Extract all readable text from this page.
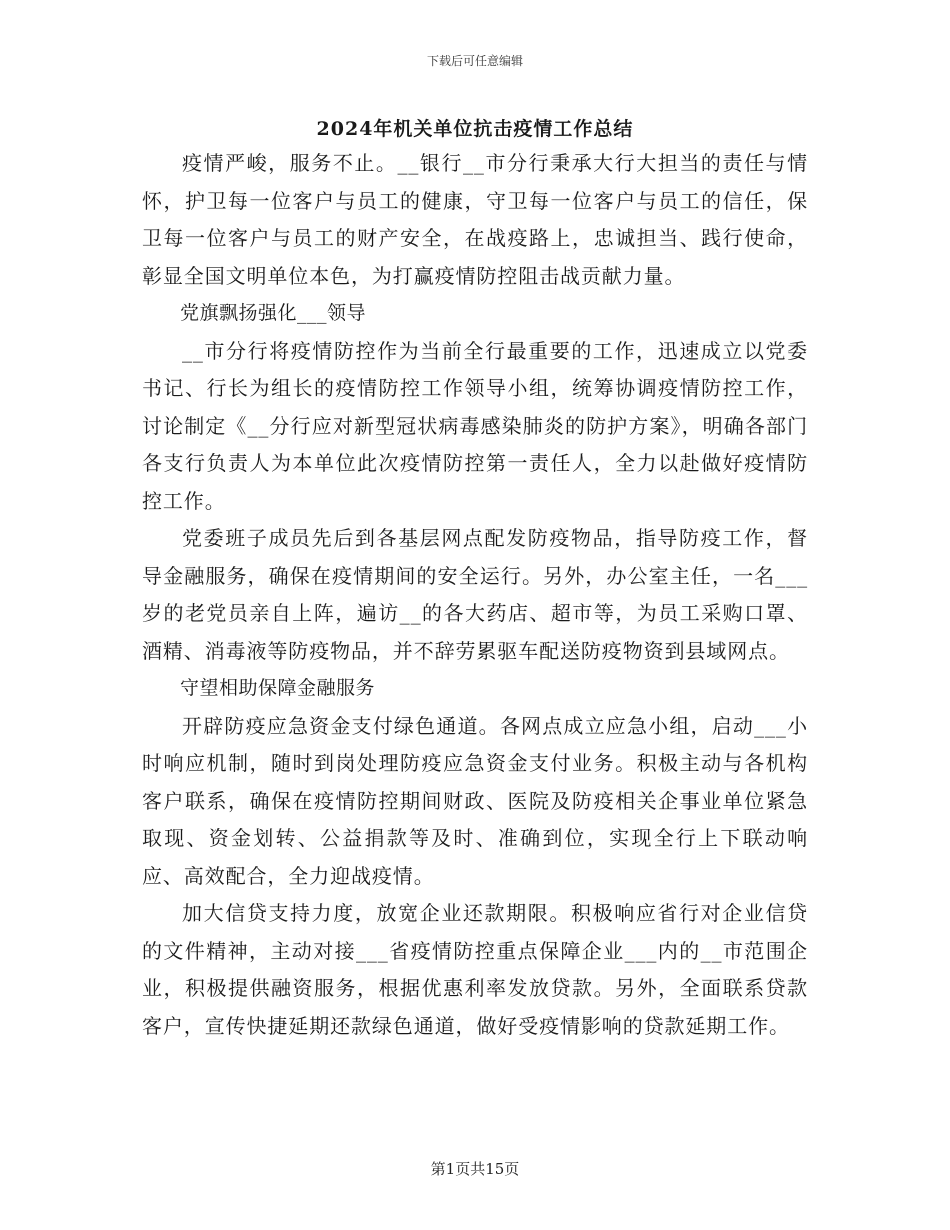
下载后可任意编辑
2024年机关单位抗击疫情工作总结

疫情严峻，服务不止。__银行__市分行秉承大行大担当的责任与情怀，护卫每一位客户与员工的健康，守卫每一位客户与员工的信任，保卫每一位客户与员工的财产安全，在战疫路上，忠诚担当、践行使命，彰显全国文明单位本色，为打赢疫情防控阻击战贡献力量。

党旗飘扬强化___领导

__市分行将疫情防控作为当前全行最重要的工作，迅速成立以党委书记、行长为组长的疫情防控工作领导小组，统筹协调疫情防控工作，讨论制定《__分行应对新型冠状病毒感染肺炎的防护方案》，明确各部门各支行负责人为本单位此次疫情防控第一责任人，全力以赴做好疫情防控工作。

党委班子成员先后到各基层网点配发防疫物品，指导防疫工作，督导金融服务，确保在疫情期间的安全运行。另外，办公室主任，一名___岁的老党员亲自上阵，遍访__的各大药店、超市等，为员工采购口罩、酒精、消毒液等防疫物品，并不辞劳累驱车配送防疫物资到县域网点。

守望相助保障金融服务

开辟防疫应急资金支付绿色通道。各网点成立应急小组，启动___小时响应机制，随时到岗处理防疫应急资金支付业务。积极主动与各机构客户联系，确保在疫情防控期间财政、医院及防疫相关企事业单位紧急取现、资金划转、公益捐款等及时、准确到位，实现全行上下联动响应、高效配合，全力迎战疫情。

加大信贷支持力度，放宽企业还款期限。积极响应省行对企业信贷的文件精神，主动对接___省疫情防控重点保障企业___内的__市范围企业，积极提供融资服务，根据优惠利率发放贷款。另外，全面联系贷款客户，宣传快捷延期还款绿色通道，做好受疫情影响的贷款延期工作。

第1页共15页
